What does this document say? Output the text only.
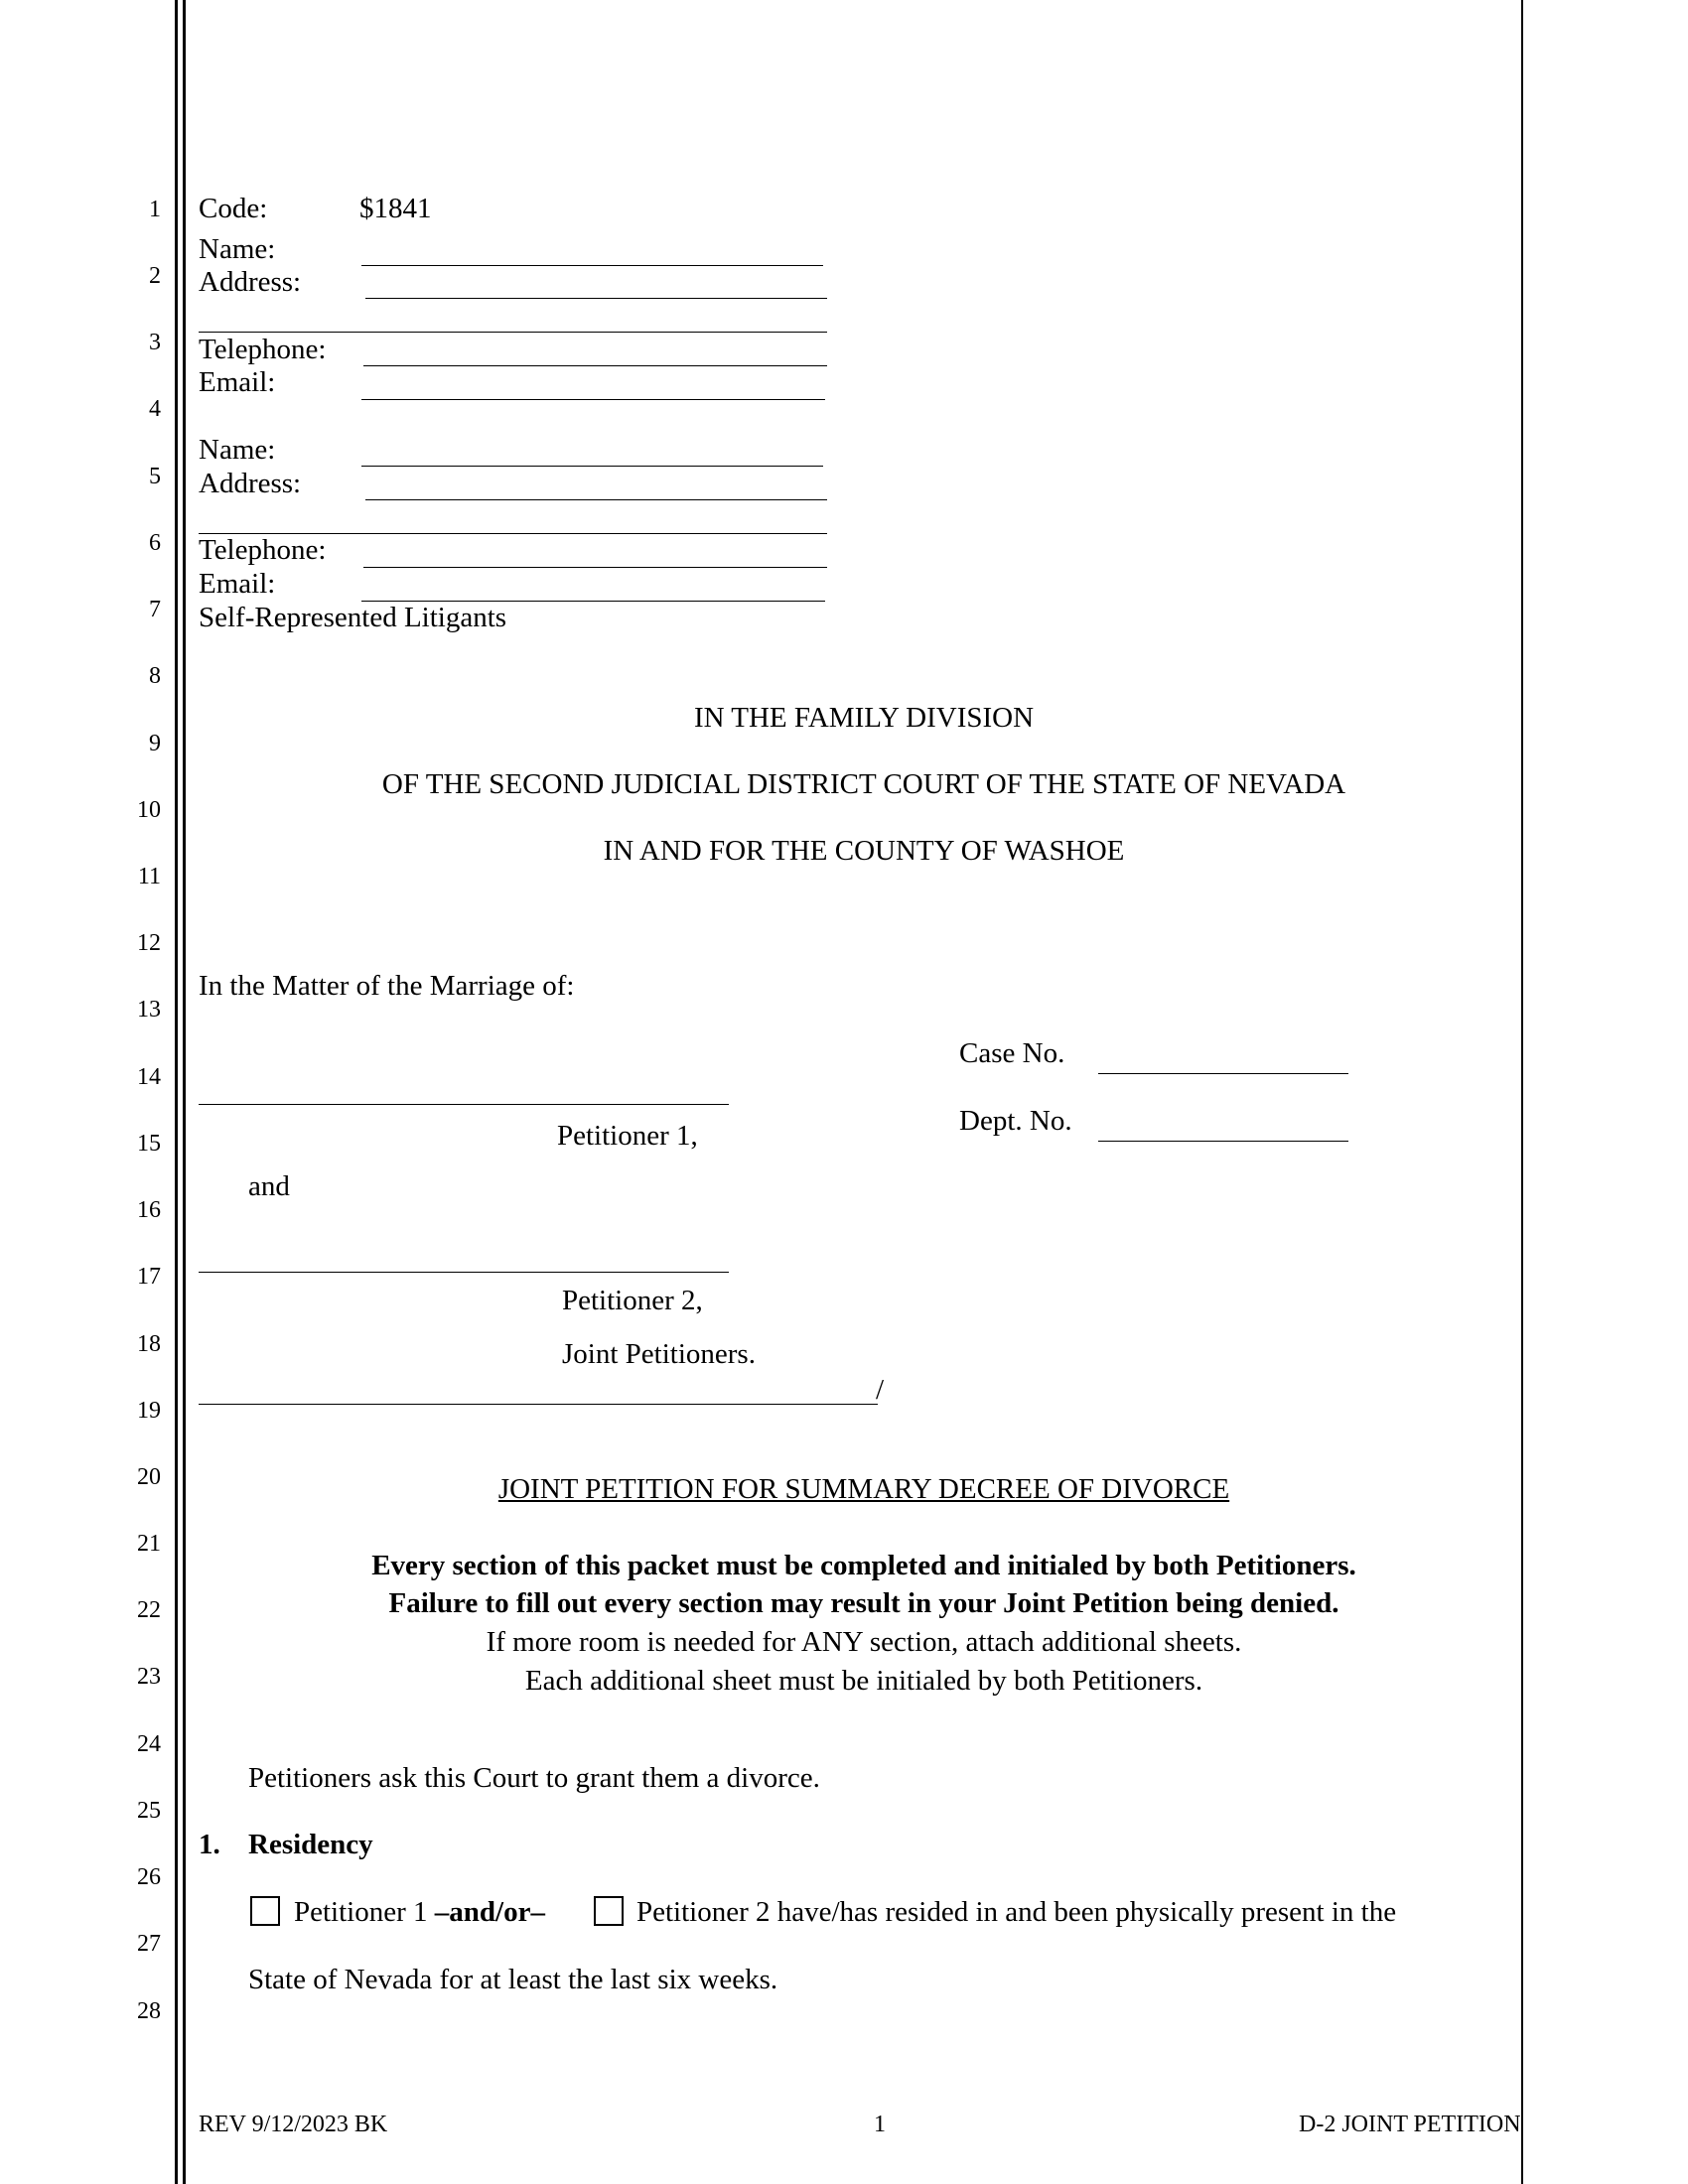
1
2
3
4
5
6
7
8
9
10
11
12
13
14
15
16
17
18
19
20
21
22
23
24
25
26
27
28
Code:	$1841
Name:
Address:
Telephone:
Email:
Name:
Address:
Telephone:
Email:
Self-Represented Litigants
IN THE FAMILY DIVISION
OF THE SECOND JUDICIAL DISTRICT COURT OF THE STATE OF NEVADA
IN AND FOR THE COUNTY OF WASHOE
In the Matter of the Marriage of:
Petitioner 1,
and
Petitioner 2,
Joint Petitioners.
/
Case No.
Dept. No.
JOINT PETITION FOR SUMMARY DECREE OF DIVORCE
Every section of this packet must be completed and initialed by both Petitioners.
Failure to fill out every section may result in your Joint Petition being denied.
If more room is needed for ANY section, attach additional sheets.
Each additional sheet must be initialed by both Petitioners.
Petitioners ask this Court to grant them a divorce.
1. Residency
Petitioner 1 –and/or–	Petitioner 2 have/has resided in and been physically present in the
State of Nevada for at least the last six weeks.
REV 9/12/2023 BK	1	D-2 JOINT PETITION
